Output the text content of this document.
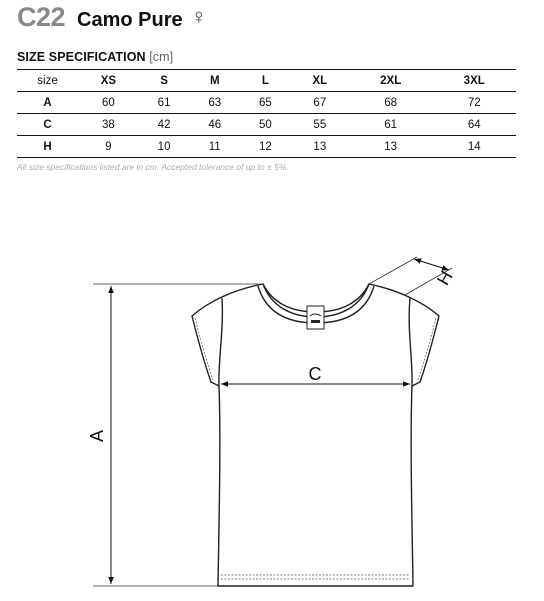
C22 Camo Pure ♀
SIZE SPECIFICATION [cm]
size	XS	S	M	L	XL	2XL	3XL
A	60	61	63	65	67	68	72
C	38	42	46	50	55	61	64
H	9	10	11	12	13	13	14
All size specifications listed are in cm. Accepted tolerance of up to ± 5%.
A
C
H
